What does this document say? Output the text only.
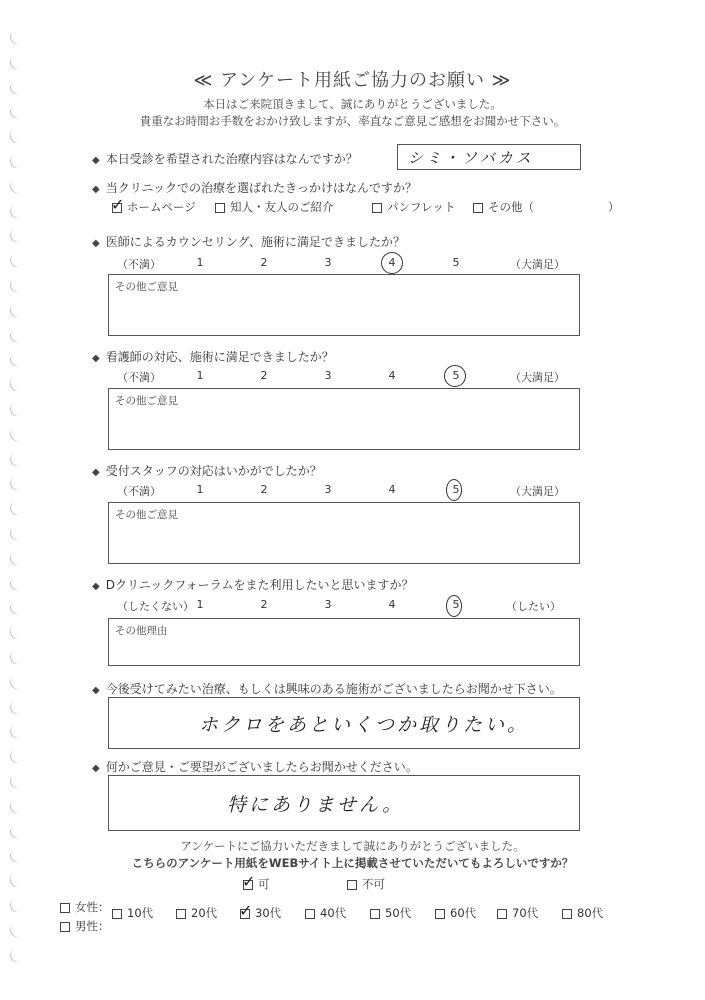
≪ アンケート用紙ご協力のお願い ≫
本日はご来院頂きまして、誠にありがとうございました。
貴重なお時間お手数をおかけ致しますが、率直なご意見ご感想をお聞かせ下さい。
◆ 本日受診を希望された治療内容はなんですか？	シミ・ソバカス
◆ 当クリニックでの治療を選ばれたきっかけはなんですか？
✓ ホームページ	知人・友人のご紹介	パンフレット	その他（	）
◆ 医師によるカウンセリング、施術に満足できましたか？
（不満）	1	2	3	4	5	（大満足）
その他ご意見
◆ 看護師の対応、施術に満足できましたか？
（不満）	1	2	3	4	5	（大満足）
その他ご意見
◆ 受付スタッフの対応はいかがでしたか？
（不満）	1	2	3	4	5	（大満足）
その他ご意見
◆ Dクリニックフォーラムをまた利用したいと思いますか？
（したくない） 1	2	3	4	5	（したい）
その他理由
◆ 今後受けてみたい治療、もしくは興味のある施術がございましたらお聞かせ下さい。
ホクロをあといくつか取りたい。
◆ 何かご意見・ご要望がございましたらお聞かせください。
特にありません。
アンケートにご協力いただきまして誠にありがとうございました。
こちらのアンケート用紙をWEBサイト上に掲載させていただいてもよろしいですか？
✓ 可	不可
女性：
男性：
10代	20代 ✓ 30代	40代	50代	60代	70代	80代
